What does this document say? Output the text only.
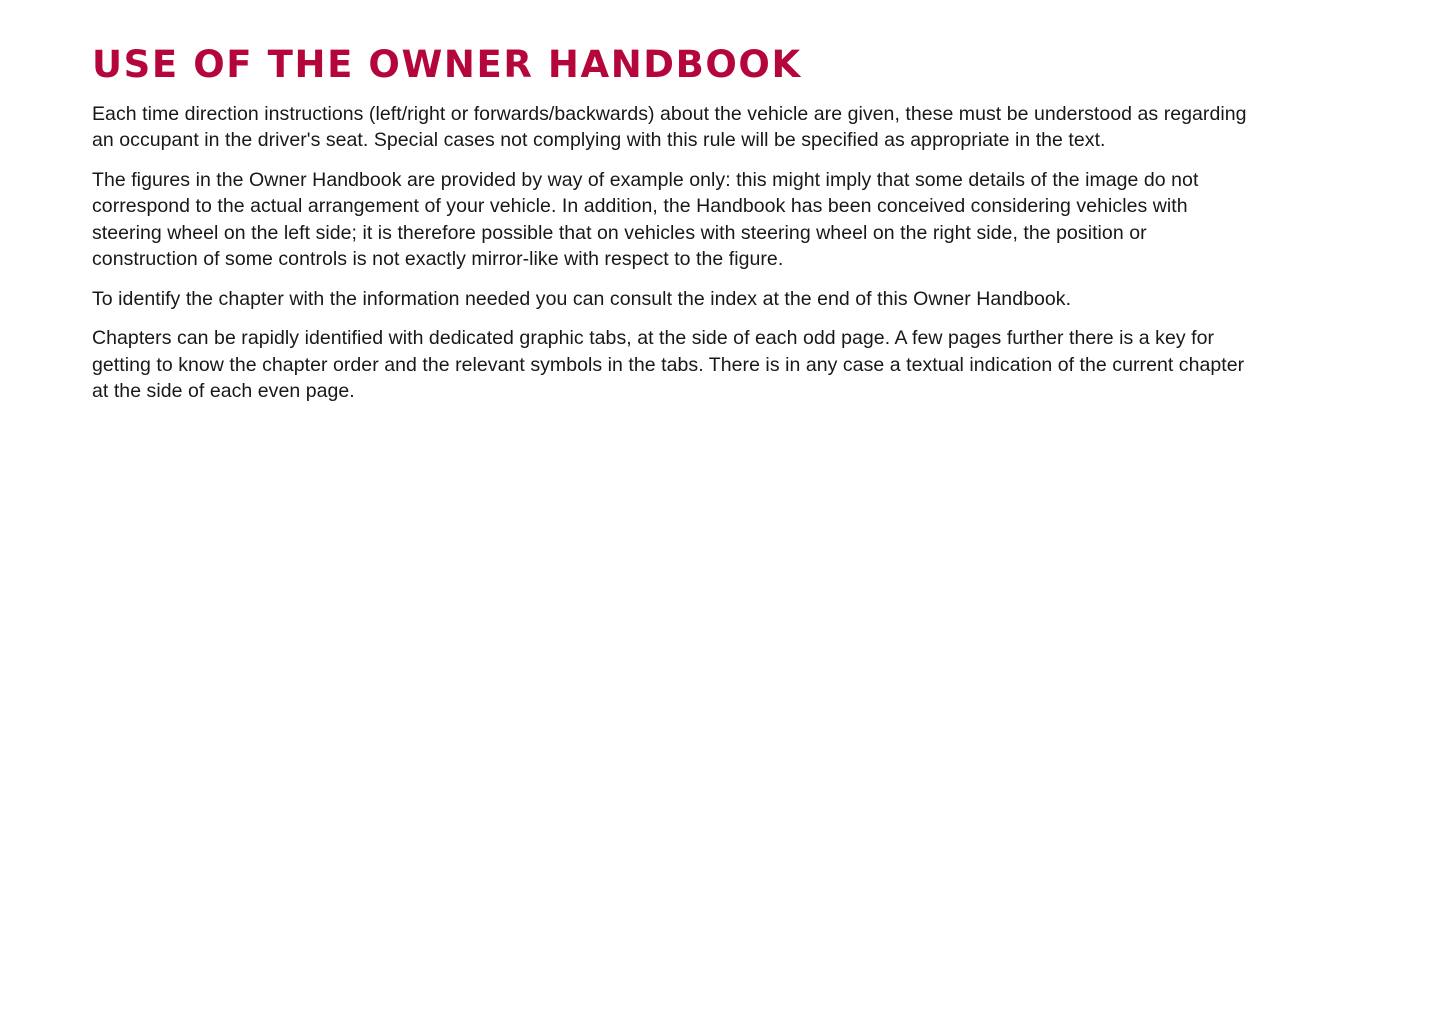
USE OF THE OWNER HANDBOOK

Each time direction instructions (left/right or forwards/backwards) about the vehicle are given, these must be understood as regarding an occupant in the driver's seat. Special cases not complying with this rule will be specified as appropriate in the text.

The figures in the Owner Handbook are provided by way of example only: this might imply that some details of the image do not correspond to the actual arrangement of your vehicle. In addition, the Handbook has been conceived considering vehicles with steering wheel on the left side; it is therefore possible that on vehicles with steering wheel on the right side, the position or construction of some controls is not exactly mirror-like with respect to the figure.

To identify the chapter with the information needed you can consult the index at the end of this Owner Handbook.

Chapters can be rapidly identified with dedicated graphic tabs, at the side of each odd page. A few pages further there is a key for getting to know the chapter order and the relevant symbols in the tabs. There is in any case a textual indication of the current chapter at the side of each even page.
